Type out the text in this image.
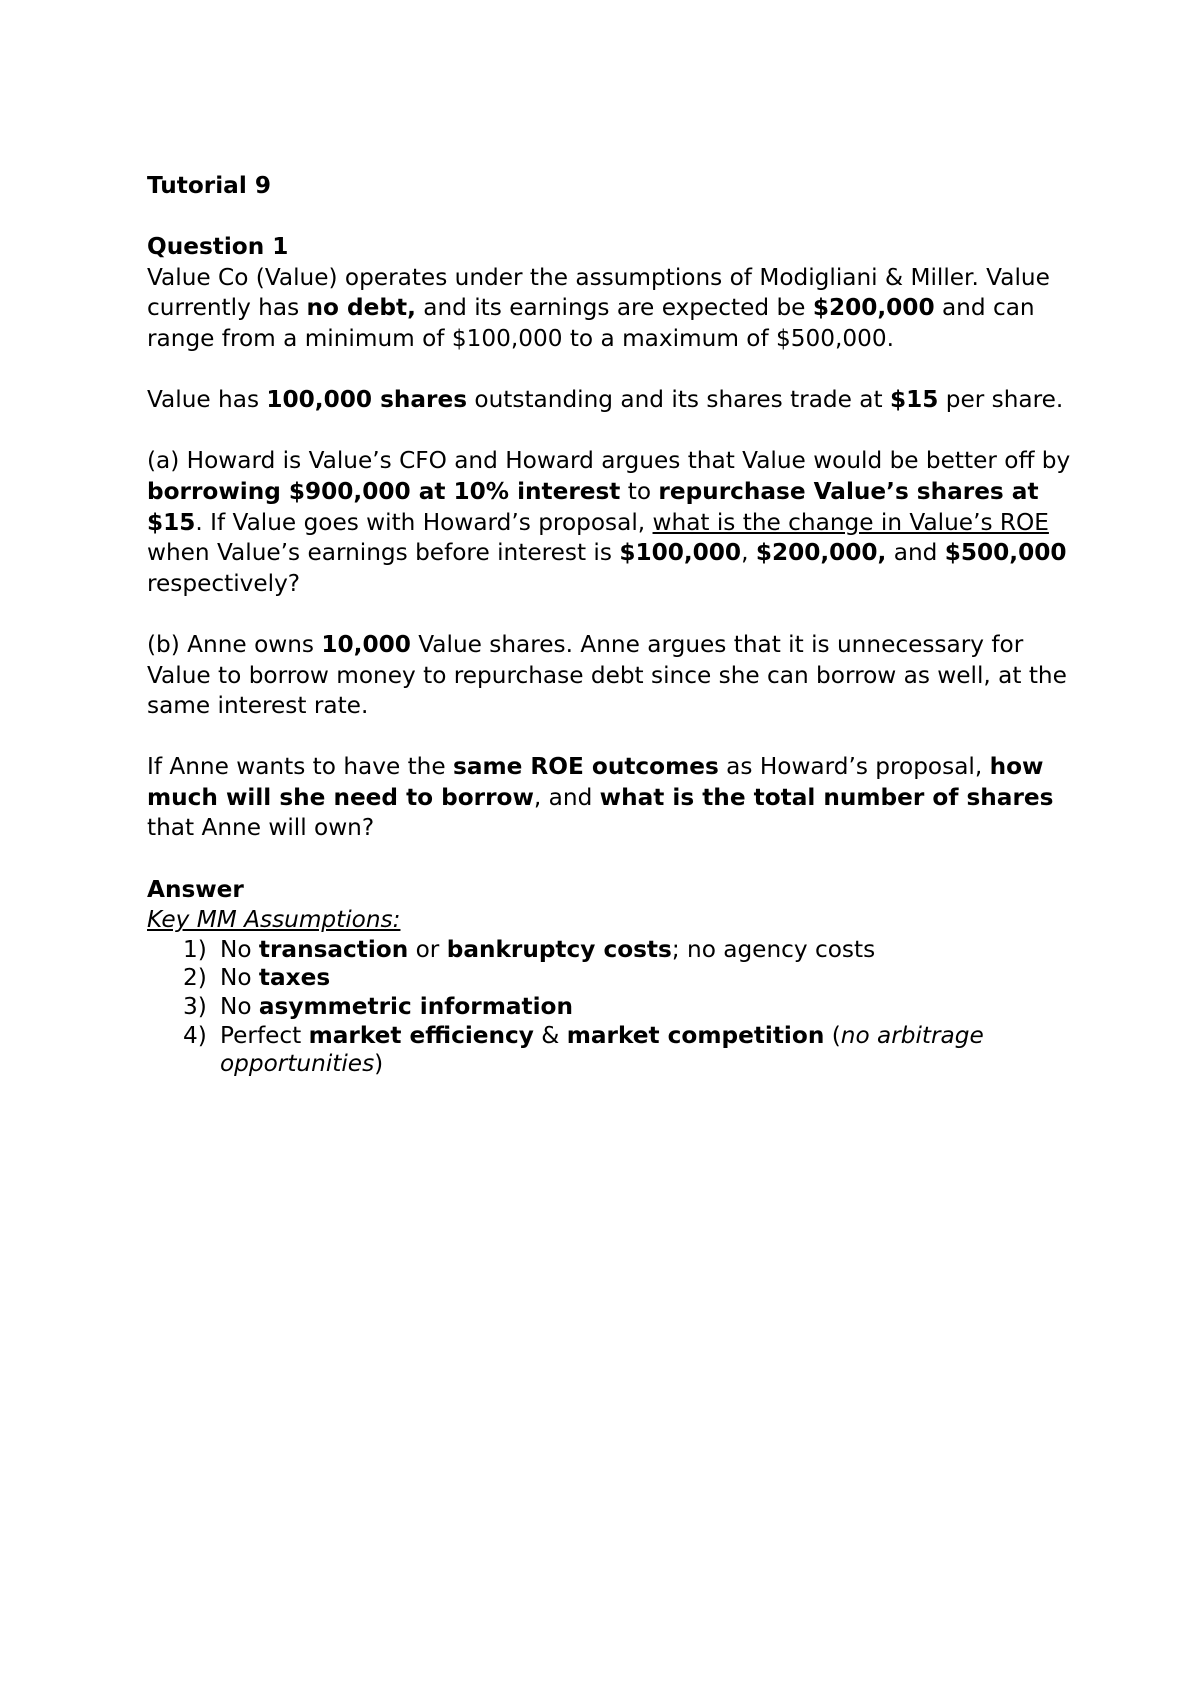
Tutorial 9

Question 1

Value Co (Value) operates under the assumptions of Modigliani & Miller. Value currently has no debt, and its earnings are expected be $200,000 and can range from a minimum of $100,000 to a maximum of $500,000.

Value has 100,000 shares outstanding and its shares trade at $15 per share.

(a) Howard is Value’s CFO and Howard argues that Value would be better off by borrowing $900,000 at 10% interest to repurchase Value’s shares at $15. If Value goes with Howard’s proposal, what is the change in Value’s ROE when Value’s earnings before interest is $100,000, $200,000, and $500,000 respectively?

(b) Anne owns 10,000 Value shares. Anne argues that it is unnecessary for Value to borrow money to repurchase debt since she can borrow as well, at the same interest rate.

If Anne wants to have the same ROE outcomes as Howard’s proposal, how much will she need to borrow, and what is the total number of shares that Anne will own?

Answer

Key MM Assumptions:

1) No transaction or bankruptcy costs; no agency costs
2) No taxes
3) No asymmetric information
4) Perfect market efficiency & market competition (no arbitrage opportunities)
